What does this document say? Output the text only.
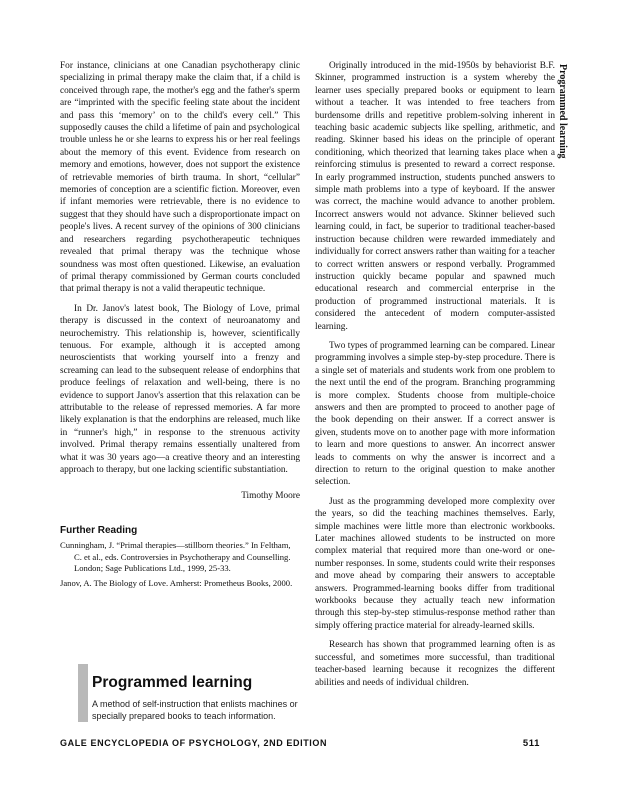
Programmed learning

For instance, clinicians at one Canadian psychotherapy clinic specializing in primal therapy make the claim that, if a child is conceived through rape, the mother's egg and the father's sperm are “imprinted with the specific feeling state about the incident and pass this ‘memory’ on to the child's every cell.” This supposedly causes the child a lifetime of pain and psychological trouble unless he or she learns to express his or her real feelings about the memory of this event. Evidence from research on memory and emotions, however, does not support the existence of retrievable memories of birth trauma. In short, “cellular” memories of conception are a scientific fiction. Moreover, even if infant memories were retrievable, there is no evidence to suggest that they should have such a disproportionate impact on people's lives. A recent survey of the opinions of 300 clinicians and researchers regarding psychotherapeutic techniques revealed that primal therapy was the technique whose soundness was most often questioned. Likewise, an evaluation of primal therapy commissioned by German courts concluded that primal therapy is not a valid therapeutic technique.

In Dr. Janov's latest book, The Biology of Love, primal therapy is discussed in the context of neuroanatomy and neurochemistry. This relationship is, however, scientifically tenuous. For example, although it is accepted among neuroscientists that working yourself into a frenzy and screaming can lead to the subsequent release of endorphins that produce feelings of relaxation and well-being, there is no evidence to support Janov's assertion that this relaxation can be attributable to the release of repressed memories. A far more likely explanation is that the endorphins are released, much like in “runner's high,” in response to the strenuous activity involved. Primal therapy remains essentially unaltered from what it was 30 years ago—a creative theory and an interesting approach to therapy, but one lacking scientific substantiation.

Timothy Moore
Further Reading
Cunningham, J. “Primal therapies—stillborn theories.” In Feltham, C. et al., eds. Controversies in Psychotherapy and Counselling. London; Sage Publications Ltd., 1999, 25-33.
Janov, A. The Biology of Love. Amherst: Prometheus Books, 2000.
Programmed learning
A method of self-instruction that enlists machines or specially prepared books to teach information.

Originally introduced in the mid-1950s by behaviorist B.F. Skinner, programmed instruction is a system whereby the learner uses specially prepared books or equipment to learn without a teacher. It was intended to free teachers from burdensome drills and repetitive problem-solving inherent in teaching basic academic subjects like spelling, arithmetic, and reading. Skinner based his ideas on the principle of operant conditioning, which theorized that learning takes place when a reinforcing stimulus is presented to reward a correct response. In early programmed instruction, students punched answers to simple math problems into a type of keyboard. If the answer was correct, the machine would advance to another problem. Incorrect answers would not advance. Skinner believed such learning could, in fact, be superior to traditional teacher-based instruction because children were rewarded immediately and individually for correct answers rather than waiting for a teacher to correct written answers or respond verbally. Programmed instruction quickly became popular and spawned much educational research and commercial enterprise in the production of programmed instructional materials. It is considered the antecedent of modern computer-assisted learning.

Two types of programmed learning can be compared. Linear programming involves a simple step-by-step procedure. There is a single set of materials and students work from one problem to the next until the end of the program. Branching programming is more complex. Students choose from multiple-choice answers and then are prompted to proceed to another page of the book depending on their answer. If a correct answer is given, students move on to another page with more information to learn and more questions to answer. An incorrect answer leads to comments on why the answer is incorrect and a direction to return to the original question to make another selection.

Just as the programming developed more complexity over the years, so did the teaching machines themselves. Early, simple machines were little more than electronic workbooks. Later machines allowed students to be instructed on more complex material that required more than one-word or one-number responses. In some, students could write their responses and move ahead by comparing their answers to acceptable answers. Programmed-learning books differ from traditional workbooks because they actually teach new information through this step-by-step stimulus-response method rather than simply offering practice material for already-learned skills.

Research has shown that programmed learning often is as successful, and sometimes more successful, than traditional teacher-based learning because it recognizes the different abilities and needs of individual children.

GALE ENCYCLOPEDIA OF PSYCHOLOGY, 2ND EDITION	511
